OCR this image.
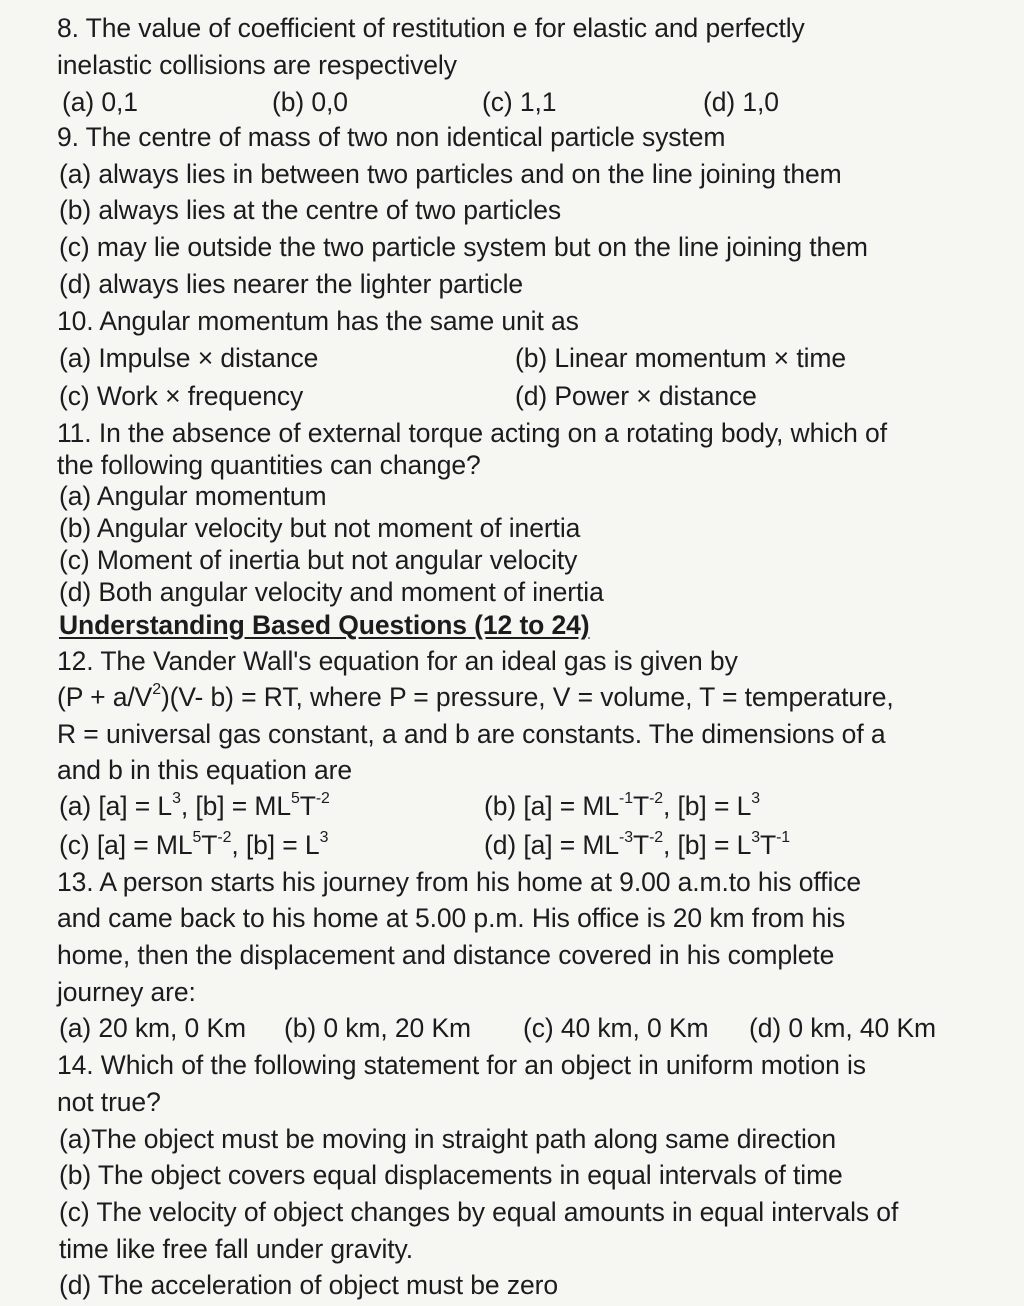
8. The value of coefficient of restitution e for elastic and perfectly
inelastic collisions are respectively
(a) 0,1	(b) 0,0	(c) 1,1	(d) 1,0
9. The centre of mass of two non identical particle system
(a) always lies in between two particles and on the line joining them
(b) always lies at the centre of two particles
(c) may lie outside the two particle system but on the line joining them
(d) always lies nearer the lighter particle
10. Angular momentum has the same unit as
(a) Impulse × distance	(b) Linear momentum × time
(c) Work × frequency	(d) Power × distance
11. In the absence of external torque acting on a rotating body, which of
the following quantities can change?
(a) Angular momentum
(b) Angular velocity but not moment of inertia
(c) Moment of inertia but not angular velocity
(d) Both angular velocity and moment of inertia
Understanding Based Questions (12 to 24)
12. The Vander Wall's equation for an ideal gas is given by
$(P + a/V^2)(V-$ b) = RT, where P = pressure, V = volume, T = temperature,
R = universal gas constant, a and b are constants. The dimensions of a
and b in this equation are
(a) $[a] = L^3$, $[b] = ML^5T^{-2}$	(b) $[a] = ML^{-1}T^{-2}$, $[b] = L^3$
(c) $[a] = ML^5T^{-2}$, $[b] = L^3$	(d) $[a] = ML^{-3}T^{-2}$, $[b] = L^3T^{-1}$
13. A person starts his journey from his home at 9.00 a.m.to his office
and came back to his home at 5.00 p.m. His office is 20 km from his
home, then the displacement and distance covered in his complete
journey are:
(a) 20 km, 0 Km (b) 0 km, 20 Km (c) 40 km, 0 Km (d) 0 km, 40 Km
14. Which of the following statement for an object in uniform motion is
not true?
(a)The object must be moving in straight path along same direction
(b) The object covers equal displacements in equal intervals of time
(c) The velocity of object changes by equal amounts in equal intervals of
time like free fall under gravity.
(d) The acceleration of object must be zero
